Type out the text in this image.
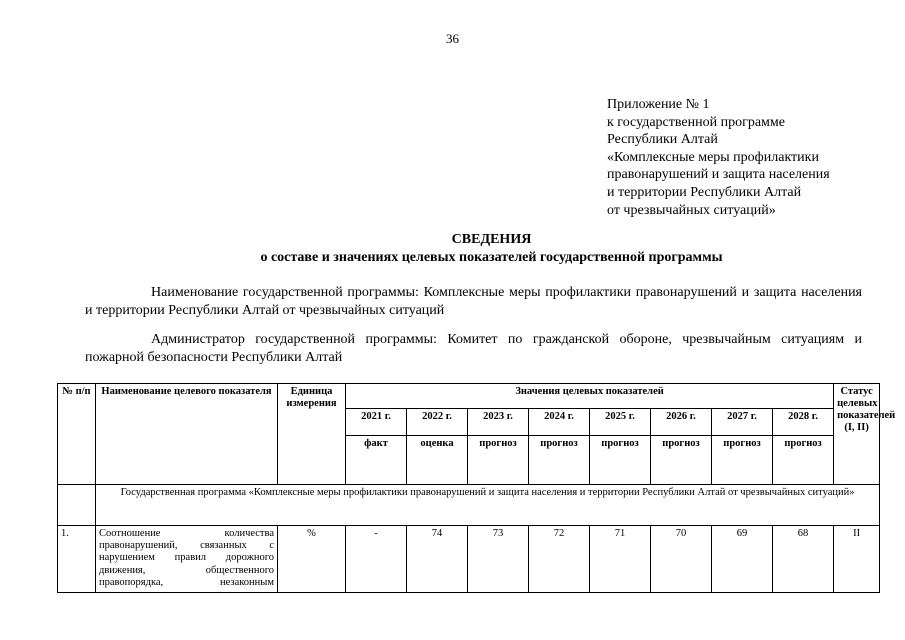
36
Приложение № 1
к государственной программе
Республики Алтай
«Комплексные меры профилактики
правонарушений и защита населения
и территории Республики Алтай
от чрезвычайных ситуаций»
СВЕДЕНИЯ
о составе и значениях целевых показателей государственной программы
Наименование государственной программы: Комплексные меры профилактики правонарушений и защита населения и территории Республики Алтай от чрезвычайных ситуаций
Администратор государственной программы: Комитет по гражданской обороне, чрезвычайным ситуациям и пожарной безопасности Республики Алтай
№ п/п	Наименование целевого показателя	Единица измерения	Значения целевых показателей								Статус целевых показателей (I, II)
			2021 г.	2022 г.	2023 г.	2024 г.	2025 г.	2026 г.	2027 г.	2028 г.	
			факт	оценка	прогноз	прогноз	прогноз	прогноз	прогноз	прогноз	
	Государственная программа «Комплексные меры профилактики правонарушений и защита населения и территории Республики Алтай от чрезвычайных ситуаций»										
1.	Соотношение количества правонарушений, связанных с нарушением правил дорожного движения, общественного правопорядка, незаконным	%	-	74	73	72	71	70	69	68	II
